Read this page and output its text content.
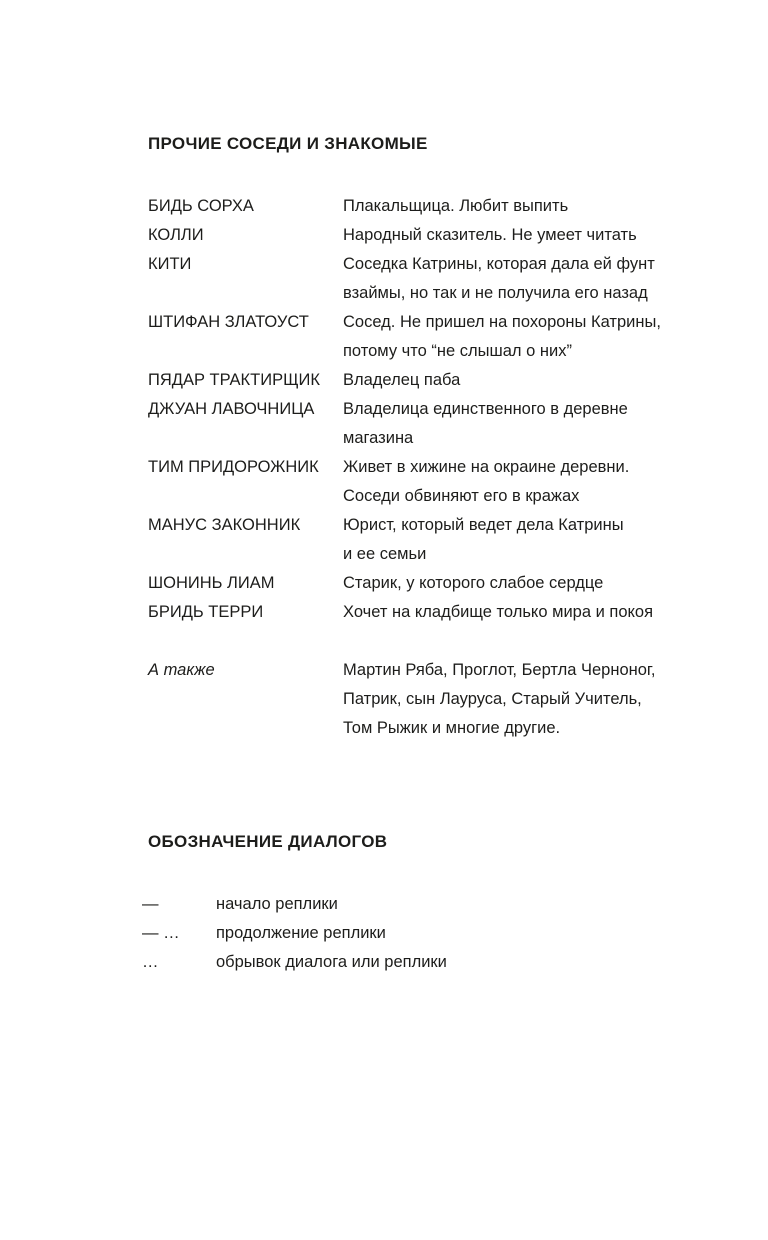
ПРОЧИЕ СОСЕДИ И ЗНАКОМЫЕ
БИДЬ СОРХА	Плакальщица. Любит выпить
КОЛЛИ	Народный сказитель. Не умеет читать
КИТИ	Соседка Катрины, которая дала ей фунт
взаймы, но так и не получила его назад
ШТИФАН ЗЛАТОУСТ	Сосед. Не пришел на похороны Катрины,
потому что “не слышал о них”
ПЯДАР ТРАКТИРЩИК	Владелец паба
ДЖУАН ЛАВОЧНИЦА	Владелица единственного в деревне
магазина
ТИМ ПРИДОРОЖНИК	Живет в хижине на окраине деревни.
Соседи обвиняют его в кражах
МАНУС ЗАКОННИК	Юрист, который ведет дела Катрины
и ее семьи
ШОНИНЬ ЛИАМ	Старик, у которого слабое сердце
БРИДЬ ТЕРРИ	Хочет на кладбище только мира и покоя
А также	Мартин Ряба, Проглот, Бертла Черноног,
Патрик, сын Лауруса, Старый Учитель,
Том Рыжик и многие другие.
ОБОЗНАЧЕНИЕ ДИАЛОГОВ
—	начало реплики
— …	продолжение реплики
…	обрывок диалога или реплики
